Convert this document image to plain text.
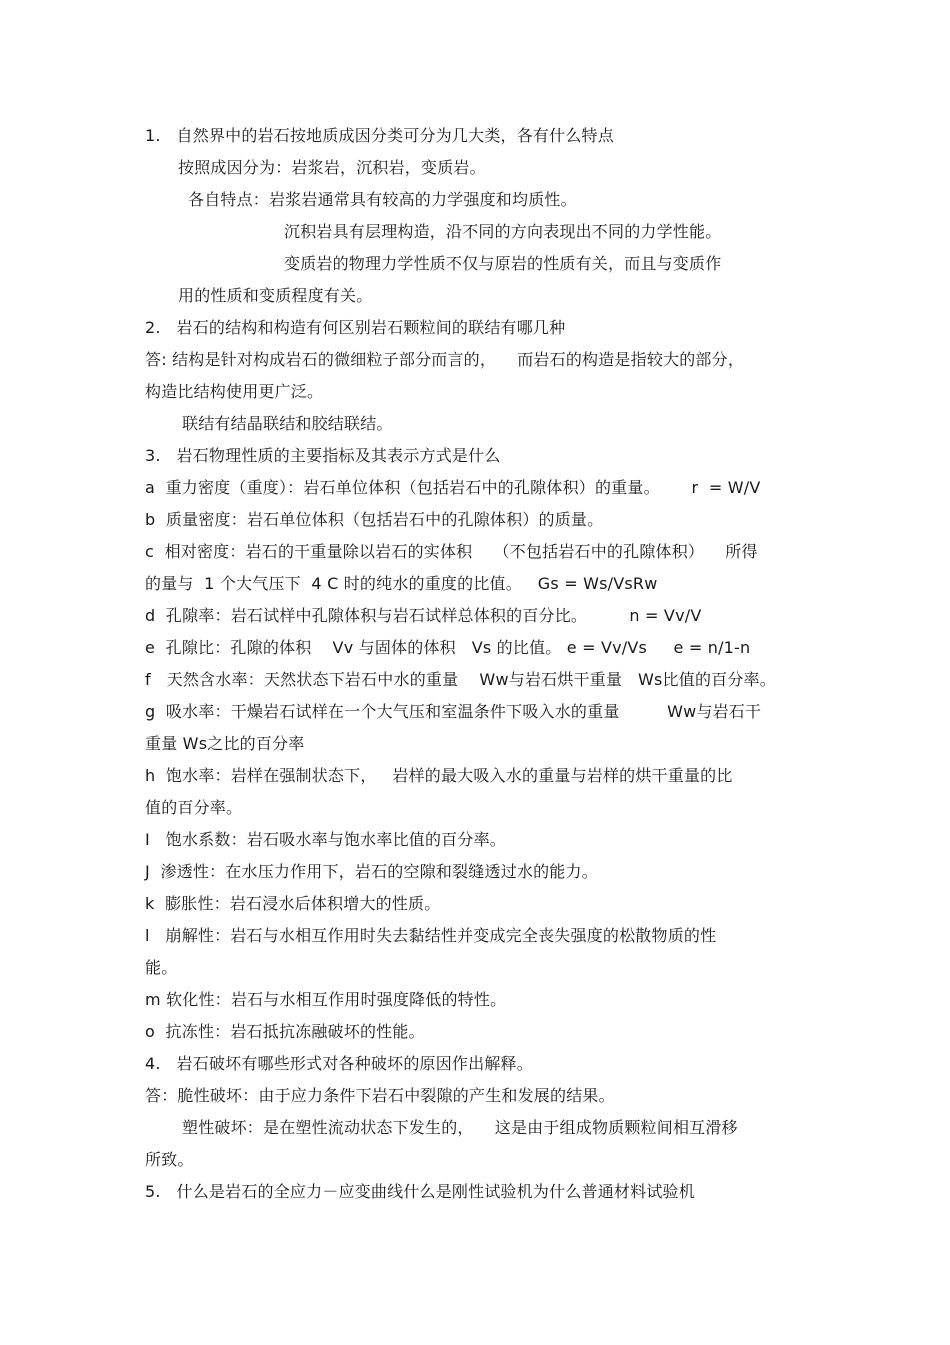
1.   自然界中的岩石按地质成因分类可分为几大类，各有什么特点
按照成因分为：岩浆岩，沉积岩，变质岩。
各自特点：岩浆岩通常具有较高的力学强度和均质性。
沉积岩具有层理构造，沿不同的方向表现出不同的力学性能。
变质岩的物理力学性质不仅与原岩的性质有关，而且与变质作
用的性质和变质程度有关。
2.   岩石的结构和构造有何区别岩石颗粒间的联结有哪几种
答: 结构是针对构成岩石的微细粒子部分而言的，    而岩石的构造是指较大的部分，
构造比结构使用更广泛。
联结有结晶联结和胶结联结。
3.   岩石物理性质的主要指标及其表示方式是什么
a  重力密度（重度）：岩石单位体积（包括岩石中的孔隙体积）的重量。      r  = W/V
b  质量密度：岩石单位体积（包括岩石中的孔隙体积）的质量。
c  相对密度：岩石的干重量除以岩石的实体积    （不包括岩石中的孔隙体积）    所得
的量与  1 个大气压下  4 C 时的纯水的重度的比值。   Gs = Ws/VsRw
d  孔隙率：岩石试样中孔隙体积与岩石试样总体积的百分比。        n = Vv/V
e  孔隙比：孔隙的体积    Vv 与固体的体积   Vs 的比值。 e = Vv/Vs     e = n/1-n
f   天然含水率：天然状态下岩石中水的重量    Ww与岩石烘干重量   Ws比值的百分率。
g  吸水率：干燥岩石试样在一个大气压和室温条件下吸入水的重量         Ww与岩石干
重量 Ws之比的百分率
h  饱水率：岩样在强制状态下，   岩样的最大吸入水的重量与岩样的烘干重量的比
值的百分率。
I   饱水系数：岩石吸水率与饱水率比值的百分率。
J  渗透性：在水压力作用下，岩石的空隙和裂缝透过水的能力。
k  膨胀性：岩石浸水后体积增大的性质。
l   崩解性：岩石与水相互作用时失去黏结性并变成完全丧失强度的松散物质的性
能。
m 软化性：岩石与水相互作用时强度降低的特性。
o  抗冻性：岩石抵抗冻融破坏的性能。
4.   岩石破坏有哪些形式对各种破坏的原因作出解释。
答：脆性破坏：由于应力条件下岩石中裂隙的产生和发展的结果。
塑性破坏：是在塑性流动状态下发生的，    这是由于组成物质颗粒间相互滑移
所致。
5.   什么是岩石的全应力－应变曲线什么是刚性试验机为什么普通材料试验机
